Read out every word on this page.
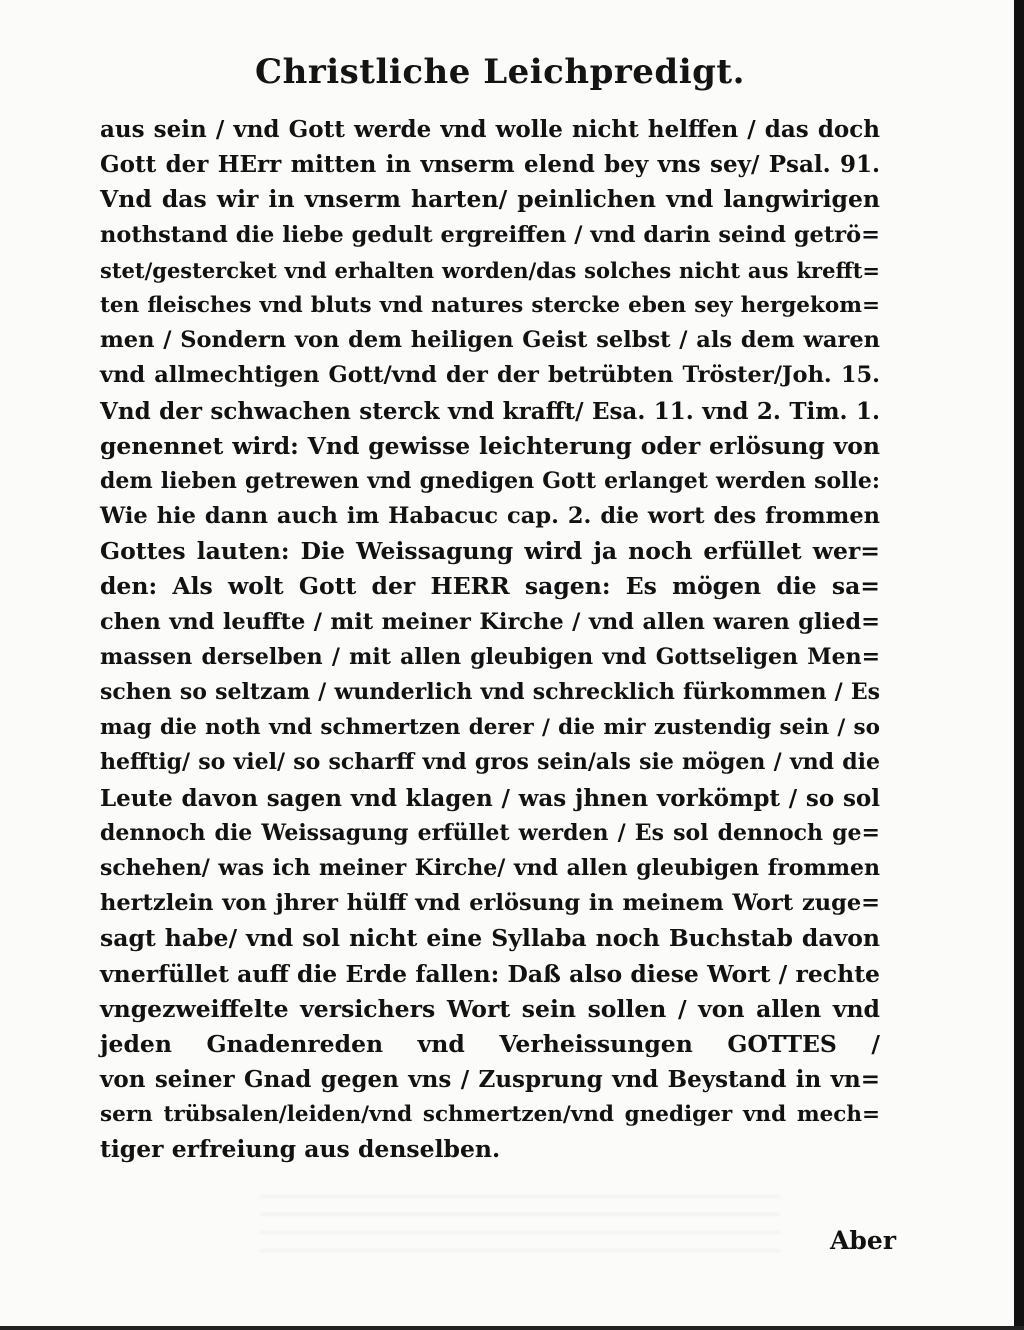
Christliche Leichpredigt.
aus sein / vnd Gott werde vnd wolle nicht helffen / das doch
Gott der HErr mitten in vnserm elend bey vns sey/ Psal. 91.
Vnd das wir in vnserm harten/ peinlichen vnd langwirigen
nothstand die liebe gedult ergreiffen / vnd darin seind getrö=
stet/gestercket vnd erhalten worden/das solches nicht aus krefft=
ten fleisches vnd bluts vnd natures stercke eben sey hergekom=
men / Sondern von dem heiligen Geist selbst / als dem waren
vnd allmechtigen Gott/vnd der der betrübten Tröster/Joh. 15.
Vnd der schwachen sterck vnd krafft/ Esa. 11. vnd 2. Tim. 1.
genennet wird: Vnd gewisse leichterung oder erlösung von
dem lieben getrewen vnd gnedigen Gott erlanget werden solle:
Wie hie dann auch im Habacuc cap. 2. die wort des frommen
Gottes lauten: Die Weissagung wird ja noch erfüllet wer=
den: Als wolt Gott der HERR sagen: Es mögen die sa=
chen vnd leuffte / mit meiner Kirche / vnd allen waren glied=
massen derselben / mit allen gleubigen vnd Gottseligen Men=
schen so seltzam / wunderlich vnd schrecklich fürkommen / Es
mag die noth vnd schmertzen derer / die mir zustendig sein / so
hefftig/ so viel/ so scharff vnd gros sein/als sie mögen / vnd die
Leute davon sagen vnd klagen / was jhnen vorkömpt / so sol
dennoch die Weissagung erfüllet werden / Es sol dennoch ge=
schehen/ was ich meiner Kirche/ vnd allen gleubigen frommen
hertzlein von jhrer hülff vnd erlösung in meinem Wort zuge=
sagt habe/ vnd sol nicht eine Syllaba noch Buchstab davon
vnerfüllet auff die Erde fallen: Daß also diese Wort / rechte
vngezweiffelte versichers Wort sein sollen / von allen vnd
jeden Gnadenreden vnd Verheissungen GOTTES /
von seiner Gnad gegen vns / Zusprung vnd Beystand in vn=
sern trübsalen/leiden/vnd schmertzen/vnd gnediger vnd mech=
tiger erfreiung aus denselben.
Aber
